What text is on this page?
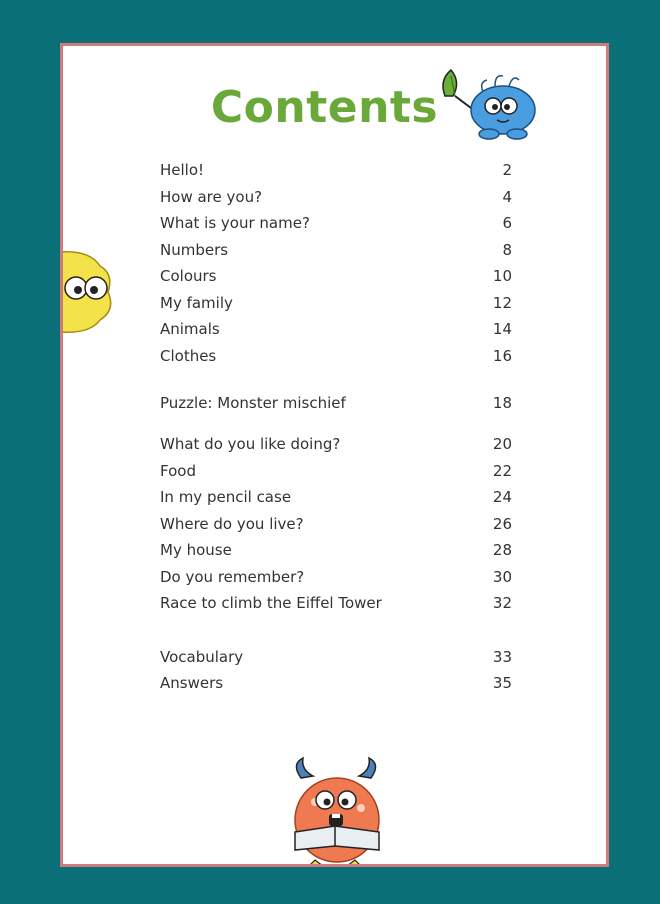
Contents
Hello!	2
How are you?	4
What is your name?	6
Numbers	8
Colours	10
My family	12
Animals	14
Clothes	16
Puzzle: Monster mischief	18
What do you like doing?	20
Food	22
In my pencil case	24
Where do you live?	26
My house	28
Do you remember?	30
Race to climb the Eiffel Tower	32
Vocabulary	33
Answers	35
